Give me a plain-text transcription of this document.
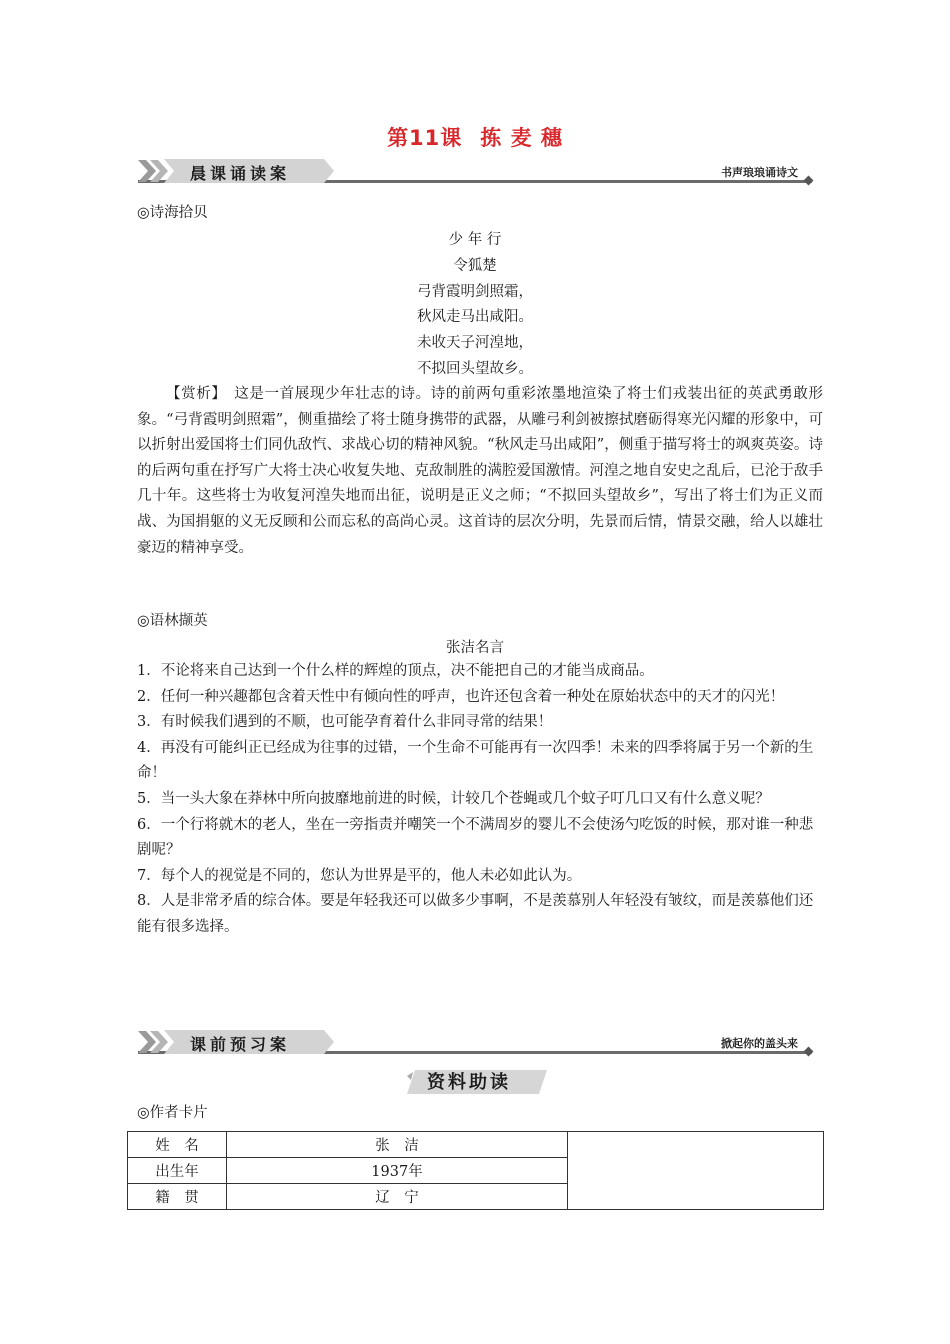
第11课 拣 麦 穗
晨课诵读案	书声琅琅诵诗文
◎诗海拾贝
少 年 行
令狐楚
弓背霞明剑照霜，
秋风走马出咸阳。
未收天子河湟地，
不拟回头望故乡。
【赏析】　这是一首展现少年壮志的诗。诗的前两句重彩浓墨地渲染了将士们戎装出征的英武勇敢形象。“弓背霞明剑照霜”，侧重描绘了将士随身携带的武器，从雕弓利剑被擦拭磨砺得寒光闪耀的形象中，可以折射出爱国将士们同仇敌忾、求战心切的精神风貌。“秋风走马出咸阳”，侧重于描写将士的飒爽英姿。诗的后两句重在抒写广大将士决心收复失地、克敌制胜的满腔爱国激情。河湟之地自安史之乱后，已沦于敌手几十年。这些将士为收复河湟失地而出征，说明是正义之师；“不拟回头望故乡”，写出了将士们为正义而战、为国捐躯的义无反顾和公而忘私的高尚心灵。这首诗的层次分明，先景而后情，情景交融，给人以雄壮豪迈的精神享受。
◎语林撷英
张洁名言
1．不论将来自己达到一个什么样的辉煌的顶点，决不能把自己的才能当成商品。
2．任何一种兴趣都包含着天性中有倾向性的呼声，也许还包含着一种处在原始状态中的天才的闪光！
3．有时候我们遇到的不顺，也可能孕育着什么非同寻常的结果！
4．再没有可能纠正已经成为往事的过错，一个生命不可能再有一次四季！未来的四季将属于另一个新的生命！
5．当一头大象在莽林中所向披靡地前进的时候，计较几个苍蝇或几个蚊子叮几口又有什么意义呢？
6．一个行将就木的老人，坐在一旁指责并嘲笑一个不满周岁的婴儿不会使汤勺吃饭的时候，那对谁一种悲剧呢？
7．每个人的视觉是不同的，您认为世界是平的，他人未必如此认为。
8．人是非常矛盾的综合体。要是年轻我还可以做多少事啊，不是羡慕别人年轻没有皱纹，而是羡慕他们还能有很多选择。
课前预习案	掀起你的盖头来
资料助读
◎作者卡片
姓　名	张　洁	
出生年	1937年	
籍　贯	辽　宁	
